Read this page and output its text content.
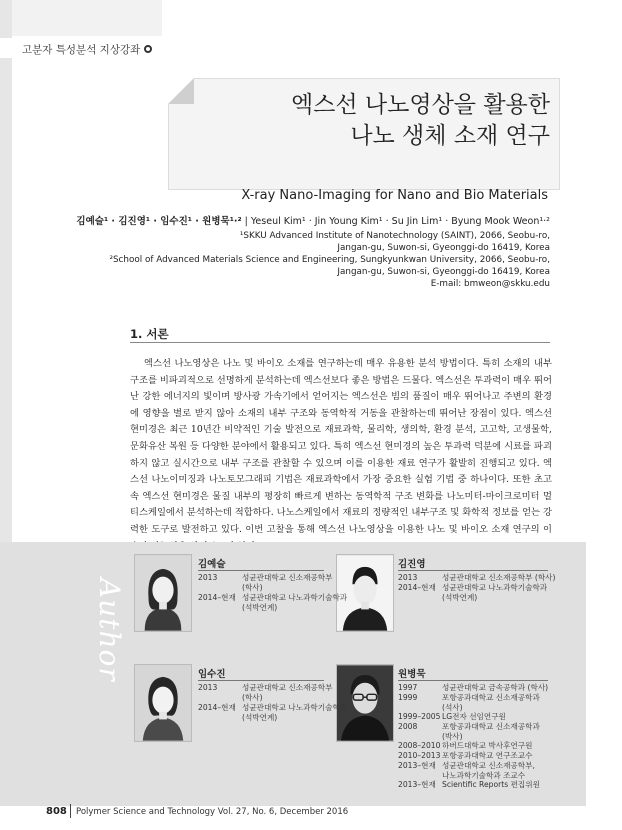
고분자 특성분석 지상강좌
엑스선 나노영상을 활용한
나노 생체 소재 연구
X-ray Nano-Imaging for Nano and Bio Materials
김예슬¹ · 김진영¹ · 임수진¹ · 원병묵¹·² | Yeseul Kim¹ · Jin Young Kim¹ · Su Jin Lim¹ · Byung Mook Weon¹·²
¹SKKU Advanced Institute of Nanotechnology (SAINT), 2066, Seobu-ro,
Jangan-gu, Suwon-si, Gyeonggi-do 16419, Korea
²School of Advanced Materials Science and Engineering, Sungkyunkwan University, 2066, Seobu-ro,
Jangan-gu, Suwon-si, Gyeonggi-do 16419, Korea
E-mail: bmweon@skku.edu
1. 서론

엑스선 나노영상은 나노 및 바이오 소재를 연구하는데 매우 유용한 분석 방법이다. 특히 소재의 내부 구조를 비파괴적으로 선명하게 분석하는데 엑스선보다 좋은 방법은 드물다. 엑스선은 투과력이 매우 뛰어난 강한 에너지의 빛이며 방사광 가속기에서 얻어지는 엑스선은 빔의 품질이 매우 뛰어나고 주변의 환경에 영향을 별로 받지 않아 소재의 내부 구조와 동역학적 거동을 관찰하는데 뛰어난 장점이 있다. 엑스선 현미경은 최근 10년간 비약적인 기술 발전으로 재료과학, 물리학, 생의학, 환경 분석, 고고학, 고생물학, 문화유산 복원 등 다양한 분야에서 활용되고 있다. 특히 엑스선 현미경의 높은 투과력 덕분에 시료를 파괴하지 않고 실시간으로 내부 구조를 관찰할 수 있으며 이를 이용한 재료 연구가 활발히 진행되고 있다. 엑스선 나노이미징과 나노토모그래피 기법은 재료과학에서 가장 중요한 실험 기법 중 하나이다. 또한 초고속 엑스선 현미경은 물질 내부의 평장히 빠르게 변하는 동역학적 구조 변화를 나노미터-마이크로미터 멀티스케일에서 분석하는데 적합하다. 나노스케일에서 재료의 정량적인 내부구조 및 화학적 정보를 얻는 강력한 도구로 발전하고 있다. 이번 고찰을 통해 엑스선 나노영상을 이용한 나노 및 바이오 소재 연구의 이

Author
김예슬
2013	성균관대학교 신소재공학부
(학사)
2014–현재 성균관대학교 나노과학기술학과
(석박연계)
김진영
2013	성균관대학교 신소재공학부 (학사)
2014–현재 성균관대학교 나노과학기술학과
(석박연계)
임수진
2013	성균관대학교 신소재공학부
(학사)
2014–현재 성균관대학교 나노과학기술학과
(석박연계)
원병묵
1997	성균관대학교 금속공학과 (학사)
1999	포항공과대학교 신소재공학과
(석사)
1999–2005 LG전자 선임연구원
2008	포항공과대학교 신소재공학과
(박사)
2008–2010 하버드대학교 박사후연구원
2010–2013 포항공과대학교 연구조교수
2013–현재 성균관대학교 신소재공학부,
나노과학기술학과 조교수
2013–현재 Scientific Reports 편집위원
808 Polymer Science and Technology Vol. 27, No. 6, December 2016
